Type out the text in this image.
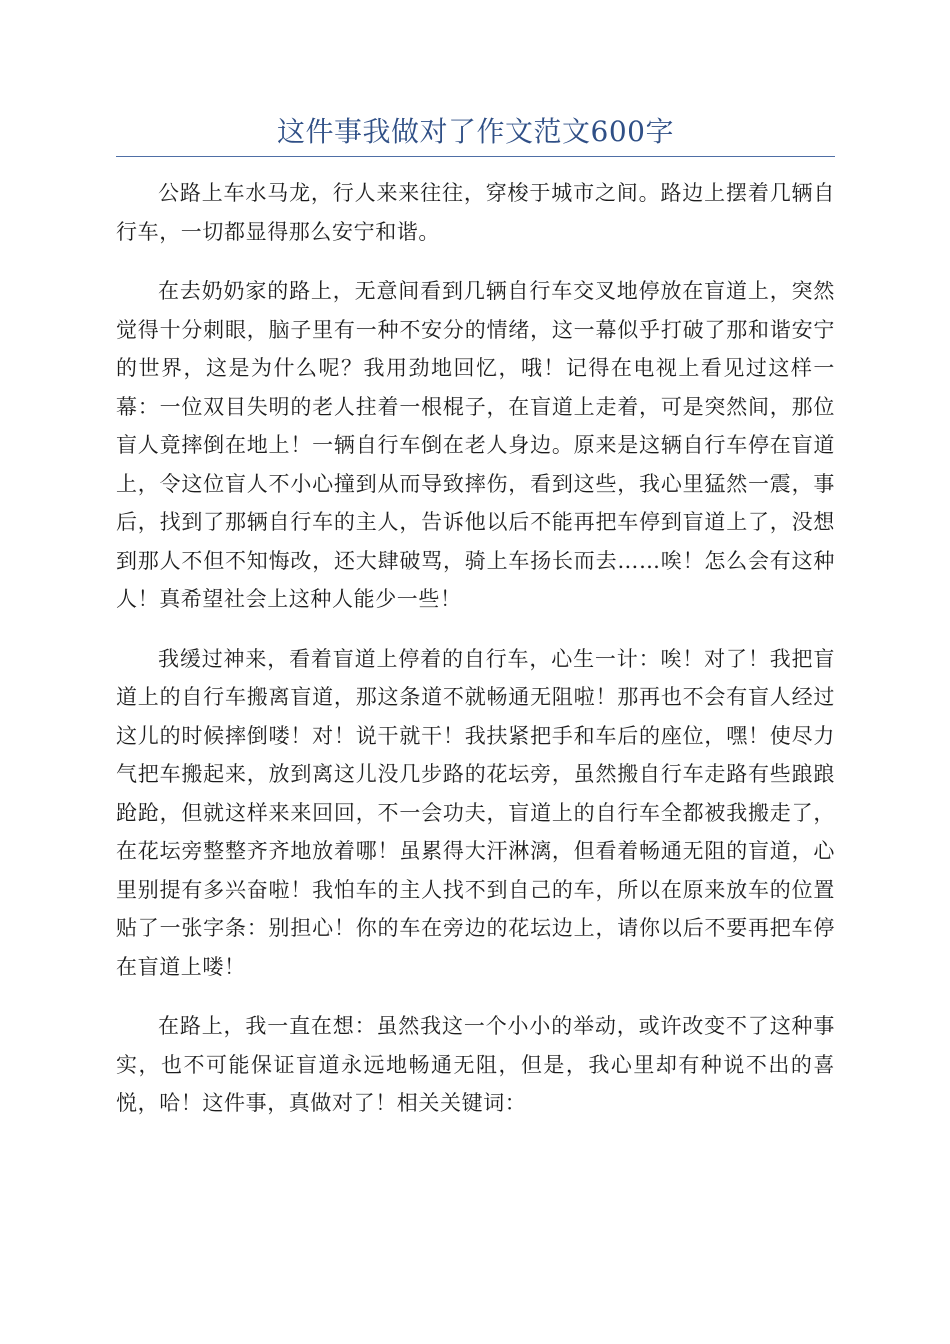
这件事我做对了作文范文600字

公路上车水马龙，行人来来往往，穿梭于城市之间。路边上摆着几辆自行车，一切都显得那么安宁和谐。

在去奶奶家的路上，无意间看到几辆自行车交叉地停放在盲道上，突然觉得十分刺眼，脑子里有一种不安分的情绪，这一幕似乎打破了那和谐安宁的世界，这是为什么呢？我用劲地回忆，哦！记得在电视上看见过这样一幕：一位双目失明的老人拄着一根棍子，在盲道上走着，可是突然间，那位盲人竟摔倒在地上！一辆自行车倒在老人身边。原来是这辆自行车停在盲道上，令这位盲人不小心撞到从而导致摔伤，看到这些，我心里猛然一震，事后，找到了那辆自行车的主人，告诉他以后不能再把车停到盲道上了，没想到那人不但不知悔改，还大肆破骂，骑上车扬长而去……唉！怎么会有这种人！真希望社会上这种人能少一些！

我缓过神来，看着盲道上停着的自行车，心生一计：唉！对了！我把盲道上的自行车搬离盲道，那这条道不就畅通无阻啦！那再也不会有盲人经过这儿的时候摔倒喽！对！说干就干！我扶紧把手和车后的座位，嘿！使尽力气把车搬起来，放到离这儿没几步路的花坛旁，虽然搬自行车走路有些踉踉跄跄，但就这样来来回回，不一会功夫，盲道上的自行车全都被我搬走了，在花坛旁整整齐齐地放着哪！虽累得大汗淋漓，但看着畅通无阻的盲道，心里别提有多兴奋啦！我怕车的主人找不到自己的车，所以在原来放车的位置贴了一张字条：别担心！你的车在旁边的花坛边上，请你以后不要再把车停在盲道上喽！

在路上，我一直在想：虽然我这一个小小的举动，或许改变不了这种事实，也不可能保证盲道永远地畅通无阻，但是，我心里却有种说不出的喜悦，哈！这件事，真做对了！相关关键词：
